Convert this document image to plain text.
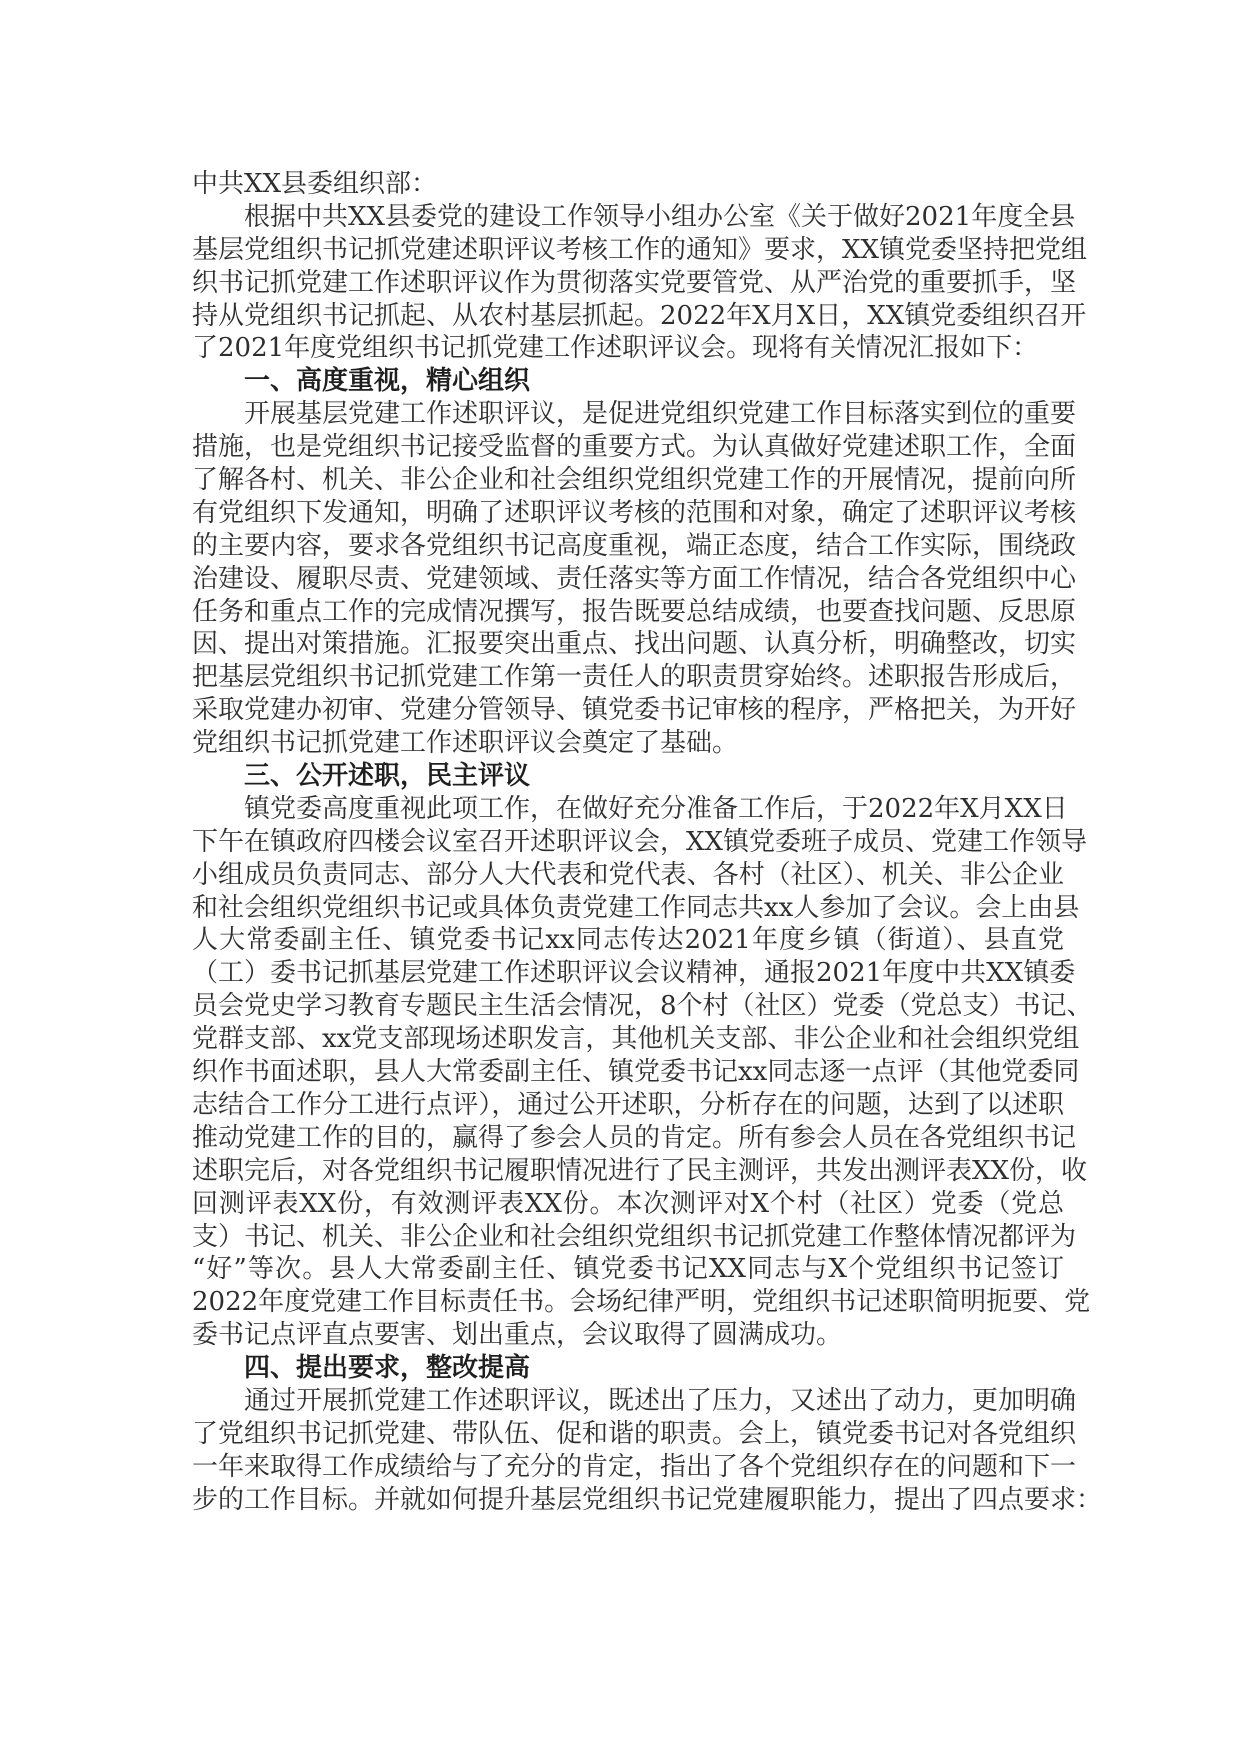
中共XX县委组织部：
根据中共XX县委党的建设工作领导小组办公室《关于做好2021年度全县
基层党组织书记抓党建述职评议考核工作的通知》要求，XX镇党委坚持把党组
织书记抓党建工作述职评议作为贯彻落实党要管党、从严治党的重要抓手，坚
持从党组织书记抓起、从农村基层抓起。2022年X月X日，XX镇党委组织召开
了2021年度党组织书记抓党建工作述职评议会。现将有关情况汇报如下：
一、高度重视，精心组织
开展基层党建工作述职评议，是促进党组织党建工作目标落实到位的重要
措施，也是党组织书记接受监督的重要方式。为认真做好党建述职工作，全面
了解各村、机关、非公企业和社会组织党组织党建工作的开展情况，提前向所
有党组织下发通知，明确了述职评议考核的范围和对象，确定了述职评议考核
的主要内容，要求各党组织书记高度重视，端正态度，结合工作实际，围绕政
治建设、履职尽责、党建领域、责任落实等方面工作情况，结合各党组织中心
任务和重点工作的完成情况撰写，报告既要总结成绩，也要查找问题、反思原
因、提出对策措施。汇报要突出重点、找出问题、认真分析，明确整改，切实
把基层党组织书记抓党建工作第一责任人的职责贯穿始终。述职报告形成后，
采取党建办初审、党建分管领导、镇党委书记审核的程序，严格把关，为开好
党组织书记抓党建工作述职评议会奠定了基础。
三、公开述职，民主评议
镇党委高度重视此项工作，在做好充分准备工作后，于2022年X月XX日
下午在镇政府四楼会议室召开述职评议会，XX镇党委班子成员、党建工作领导
小组成员负责同志、部分人大代表和党代表、各村（社区）、机关、非公企业
和社会组织党组织书记或具体负责党建工作同志共xx人参加了会议。会上由县
人大常委副主任、镇党委书记xx同志传达2021年度乡镇（街道）、县直党
（工）委书记抓基层党建工作述职评议会议精神，通报2021年度中共XX镇委
员会党史学习教育专题民主生活会情况，8个村（社区）党委（党总支）书记、
党群支部、xx党支部现场述职发言，其他机关支部、非公企业和社会组织党组
织作书面述职，县人大常委副主任、镇党委书记xx同志逐一点评（其他党委同
志结合工作分工进行点评），通过公开述职，分析存在的问题，达到了以述职
推动党建工作的目的，赢得了参会人员的肯定。所有参会人员在各党组织书记
述职完后，对各党组织书记履职情况进行了民主测评，共发出测评表XX份，收
回测评表XX份，有效测评表XX份。本次测评对X个村（社区）党委（党总
支）书记、机关、非公企业和社会组织党组织书记抓党建工作整体情况都评为
“好”等次。县人大常委副主任、镇党委书记XX同志与X个党组织书记签订
2022年度党建工作目标责任书。会场纪律严明，党组织书记述职简明扼要、党
委书记点评直点要害、划出重点，会议取得了圆满成功。
四、提出要求，整改提高
通过开展抓党建工作述职评议，既述出了压力，又述出了动力，更加明确
了党组织书记抓党建、带队伍、促和谐的职责。会上，镇党委书记对各党组织
一年来取得工作成绩给与了充分的肯定，指出了各个党组织存在的问题和下一
步的工作目标。并就如何提升基层党组织书记党建履职能力，提出了四点要求：
